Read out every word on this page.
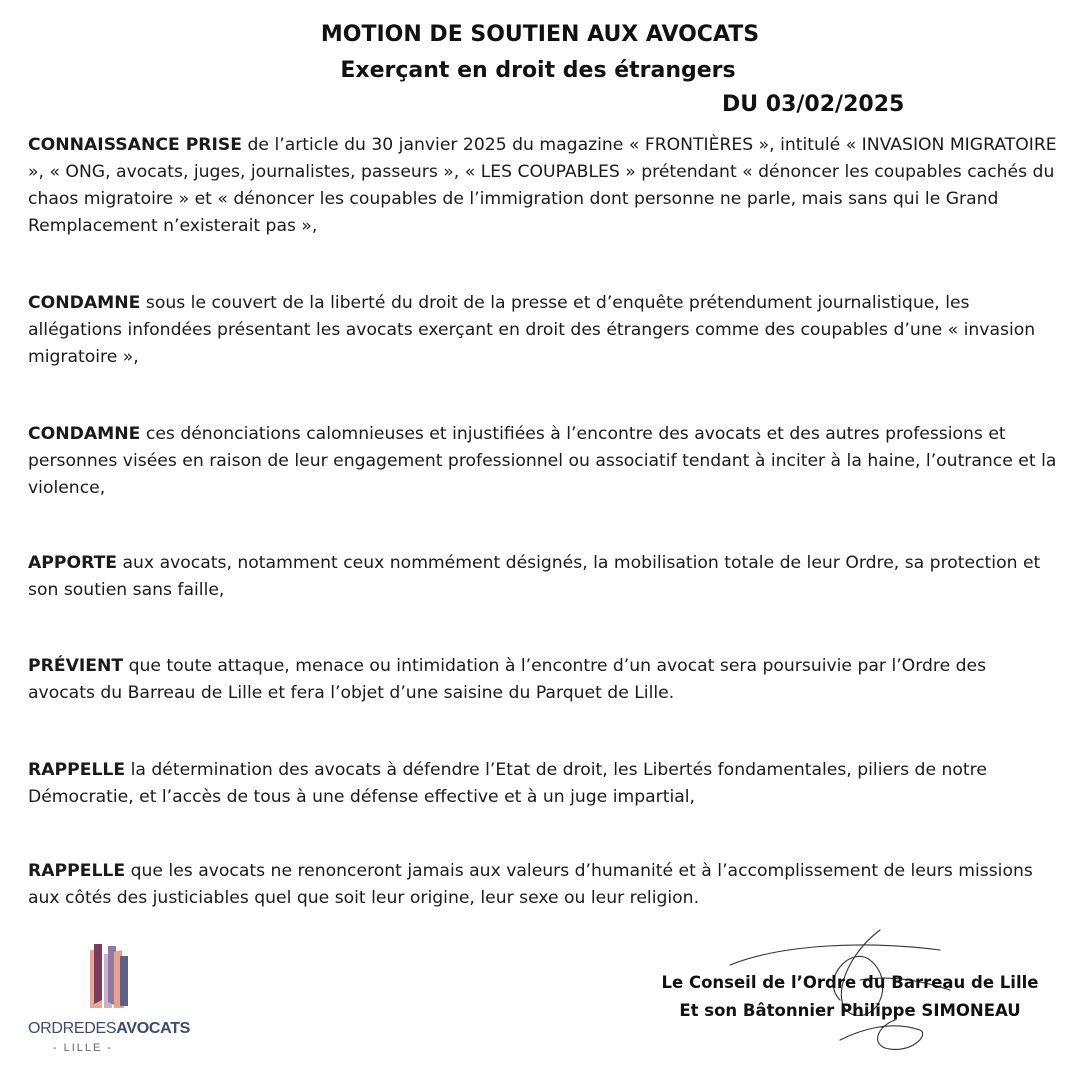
MOTION DE SOUTIEN AUX AVOCATS
Exerçant en droit des étrangers
DU 03/02/2025

CONNAISSANCE PRISE de l’article du 30 janvier 2025 du magazine « FRONTIÈRES », intitulé « INVASION MIGRATOIRE », « ONG, avocats, juges, journalistes, passeurs », « LES COUPABLES » prétendant « dénoncer les coupables cachés du chaos migratoire » et « dénoncer les coupables de l’immigration dont personne ne parle, mais sans qui le Grand Remplacement n’existerait pas »,

CONDAMNE sous le couvert de la liberté du droit de la presse et d’enquête prétendument journalistique, les allégations infondées présentant les avocats exerçant en droit des étrangers comme des coupables d’une « invasion migratoire »,

CONDAMNE ces dénonciations calomnieuses et injustifiées à l’encontre des avocats et des autres professions et personnes visées en raison de leur engagement professionnel ou associatif tendant à inciter à la haine, l’outrance et la violence,

APPORTE aux avocats, notamment ceux nommément désignés, la mobilisation totale de leur Ordre, sa protection et son soutien sans faille,

PRÉVIENT que toute attaque, menace ou intimidation à l’encontre d’un avocat sera poursuivie par l’Ordre des avocats du Barreau de Lille et fera l’objet d’une saisine du Parquet de Lille.

RAPPELLE la détermination des avocats à défendre l’Etat de droit, les Libertés fondamentales, piliers de notre Démocratie, et l’accès de tous à une défense effective et à un juge impartial,

RAPPELLE que les avocats ne renonceront jamais aux valeurs d’humanité et à l’accomplissement de leurs missions aux côtés des justiciables quel que soit leur origine, leur sexe ou leur religion.

ORDREDESAVOCATS
- LILLE -
Le Conseil de l’Ordre du Barreau de Lille
Et son Bâtonnier Philippe SIMONEAU
